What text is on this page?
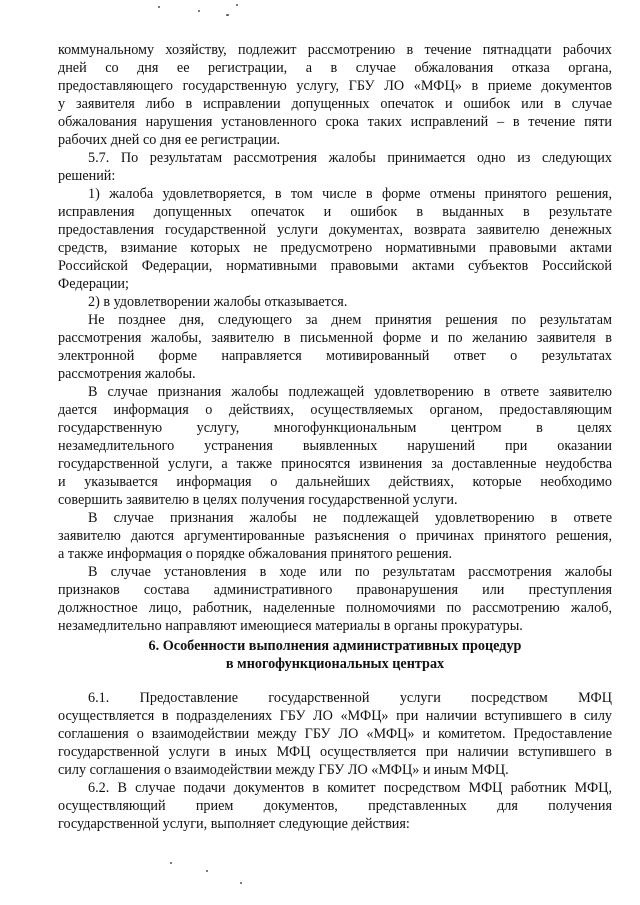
коммунальному хозяйству, подлежит рассмотрению в течение пятнадцати рабочих
дней со дня ее регистрации, а в случае обжалования отказа органа,
предоставляющего государственную услугу, ГБУ ЛО «МФЦ» в приеме документов
у заявителя либо в исправлении допущенных опечаток и ошибок или в случае
обжалования нарушения установленного срока таких исправлений – в течение пяти
рабочих дней со дня ее регистрации.
5.7. По результатам рассмотрения жалобы принимается одно из следующих
решений:
1) жалоба удовлетворяется, в том числе в форме отмены принятого решения,
исправления допущенных опечаток и ошибок в выданных в результате
предоставления государственной услуги документах, возврата заявителю денежных
средств, взимание которых не предусмотрено нормативными правовыми актами
Российской Федерации, нормативными правовыми актами субъектов Российской
Федерации;
2) в удовлетворении жалобы отказывается.
Не позднее дня, следующего за днем принятия решения по результатам
рассмотрения жалобы, заявителю в письменной форме и по желанию заявителя в
электронной форме направляется мотивированный ответ о результатах
рассмотрения жалобы.
В случае признания жалобы подлежащей удовлетворению в ответе заявителю
дается информация о действиях, осуществляемых органом, предоставляющим
государственную услугу, многофункциональным центром в целях
незамедлительного устранения выявленных нарушений при оказании
государственной услуги, а также приносятся извинения за доставленные неудобства
и указывается информация о дальнейших действиях, которые необходимо
совершить заявителю в целях получения государственной услуги.
В случае признания жалобы не подлежащей удовлетворению в ответе
заявителю даются аргументированные разъяснения о причинах принятого решения,
а также информация о порядке обжалования принятого решения.
В случае установления в ходе или по результатам рассмотрения жалобы
признаков состава административного правонарушения или преступления
должностное лицо, работник, наделенные полномочиями по рассмотрению жалоб,
незамедлительно направляют имеющиеся материалы в органы прокуратуры.
6. Особенности выполнения административных процедур
в многофункциональных центрах
6.1. Предоставление государственной услуги посредством МФЦ
осуществляется в подразделениях ГБУ ЛО «МФЦ» при наличии вступившего в силу
соглашения о взаимодействии между ГБУ ЛО «МФЦ» и комитетом. Предоставление
государственной услуги в иных МФЦ осуществляется при наличии вступившего в
силу соглашения о взаимодействии между ГБУ ЛО «МФЦ» и иным МФЦ.
6.2. В случае подачи документов в комитет посредством МФЦ работник МФЦ,
осуществляющий прием документов, представленных для получения
государственной услуги, выполняет следующие действия:
